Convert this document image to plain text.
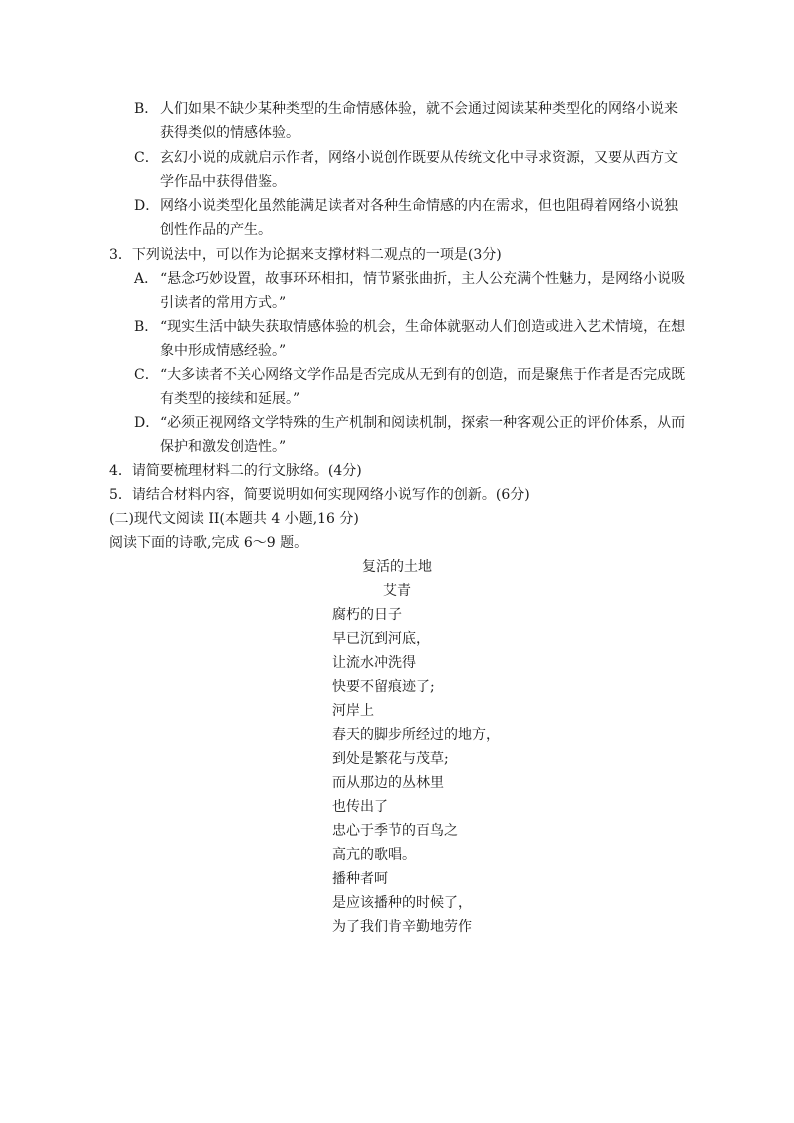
B． 人们如果不缺少某种类型的生命情感体验，就不会通过阅读某种类型化的网络小说来
获得类似的情感体验。
C．玄幻小说的成就启示作者，网络小说创作既要从传统文化中寻求资源，又要从西方文
学作品中获得借鉴。
D．网络小说类型化虽然能满足读者对各种生命情感的内在需求，但也阻碍着网络小说独
创性作品的产生。
3．下列说法中，可以作为论据来支撑材料二观点的一项是(3分)
A． “悬念巧妙设置，故事环环相扣，情节紧张曲折，主人公充满个性魅力，是网络小说吸
引读者的常用方式。”
B． “现实生活中缺失获取情感体验的机会，生命体就驱动人们创造或进入艺术情境，在想
象中形成情感经验。”
C．“大多读者不关心网络文学作品是否完成从无到有的创造，而是聚焦于作者是否完成既
有类型的接续和延展。”
D．“必须正视网络文学特殊的生产机制和阅读机制，探索一种客观公正的评价体系，从而
保护和激发创造性。”
4．请简要梳理材料二的行文脉络。(4分)
5．请结合材料内容，简要说明如何实现网络小说写作的创新。(6分)
(二)现代文阅读 II(本题共 4 小题,16 分)
阅读下面的诗歌,完成 6～9 题。
复活的土地
艾青
腐朽的日子
早已沉到河底，
让流水冲洗得
快要不留痕迹了;
河岸上
春天的脚步所经过的地方，
到处是繁花与茂草;
而从那边的丛林里
也传出了
忠心于季节的百鸟之
高亢的歌唱。
播种者呵
是应该播种的时候了，
为了我们肯辛勤地劳作
